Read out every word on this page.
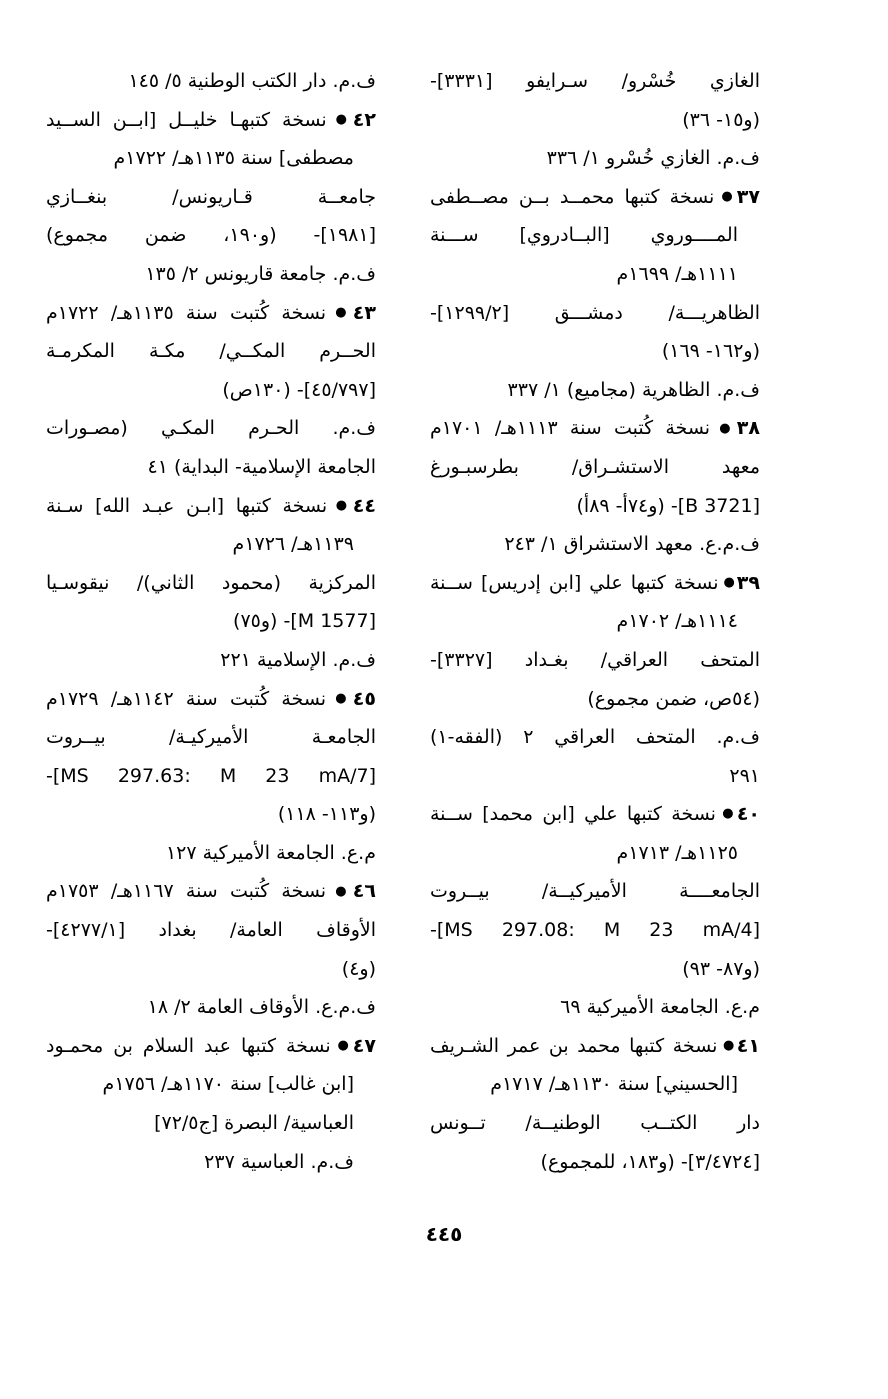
الغازي خُسْرو/ سـرايفو [٣٣٣١]-
(و١٥- ٣٦)
ف.م. الغازي خُسْرو ١/ ٣٣٦
٣٧●نسخة كتبها محمــد بــن مصــطفى
المــــوروي [البــادروي] ســـنة
١١١١هـ/ ١٦٩٩م
الظاهريـــة/ دمشـــق [١٢٩٩/٢]-
(و١٦٢- ١٦٩)
ف.م. الظاهرية (مجاميع) ١/ ٣٣٧
٣٨●نسخة كُتبت سنة ١١١٣هـ/ ١٧٠١م
معهد الاستشـراق/ بطرسبـورغ
[B 3721]- (و٧٤أ- ٨٩أ)
ف.م.ع. معهد الاستشراق ١/ ٢٤٣
٣٩●نسخة كتبها علي [ابن إدريس] ســنة
١١١٤هـ/ ١٧٠٢م
المتحف العراقي/ بغـداد [٣٣٢٧]-
(٥٤ص، ضمن مجموع)
ف.م. المتحف العراقي ٢ (الفقه-١)
٢٩١
٤٠●نسخة كتبها علي [ابن محمد] ســنة
١١٢٥هـ/ ١٧١٣م
الجامعــــة الأميركيــة/ بيــروت
[MS 297.08: M 23 mA/4]-
(و٨٧- ٩٣)
م.ع. الجامعة الأميركية ٦٩
٤١●نسخة كتبها محمد بن عمر الشـريف
[الحسيني] سنة ١١٣٠هـ/ ١٧١٧م
دار الكتــب الوطنيــة/ تــونس
[٣/٤٧٢٤]- (و١٨٣، للمجموع)
ف.م. دار الكتب الوطنية ٥/ ١٤٥
٤٢●نسخة كتبهـا خليــل [ابــن الســيد
مصطفى] سنة ١١٣٥هـ/ ١٧٢٢م
جامعــة قـاريونس/ بنغــازي
[١٩٨١]- (و١٩٠، ضمن مجموع)
ف.م. جامعة قاريونس ٢/ ١٣٥
٤٣●نسخة كُتبت سنة ١١٣٥هـ/ ١٧٢٢م
الحــرم المكــي/ مكـة المكرمـة
[٤٥/٧٩٧]- (١٣٠ص)
ف.م. الحـرم المكـي (مصـورات
الجامعة الإسلامية- البداية) ٤١
٤٤●نسخة كتبها [ابـن عبـد الله] سـنة
١١٣٩هـ/ ١٧٢٦م
المركزية (محمود الثاني)/ نيقوسـيا
[M 1577]- (و٧٥)
ف.م. الإسلامية ٢٢١
٤٥●نسخة كُتبت سنة ١١٤٢هـ/ ١٧٢٩م
الجامعـة الأميركيـة/ بيــروت
[MS 297.63: M 23 mA/7]-
(و١١٣- ١١٨)
م.ع. الجامعة الأميركية ١٢٧
٤٦●نسخة كُتبت سنة ١١٦٧هـ/ ١٧٥٣م
الأوقاف العامة/ بغداد [٤٢٧٧/١]-
(و٤)
ف.م.ع. الأوقاف العامة ٢/ ١٨
٤٧●نسخة كتبها عبد السلام بن محمـود
[ابن غالب] سنة ١١٧٠هـ/ ١٧٥٦م
العباسية/ البصرة [ج٧٢/٥]
ف.م. العباسية ٢٣٧
٤٤٥
